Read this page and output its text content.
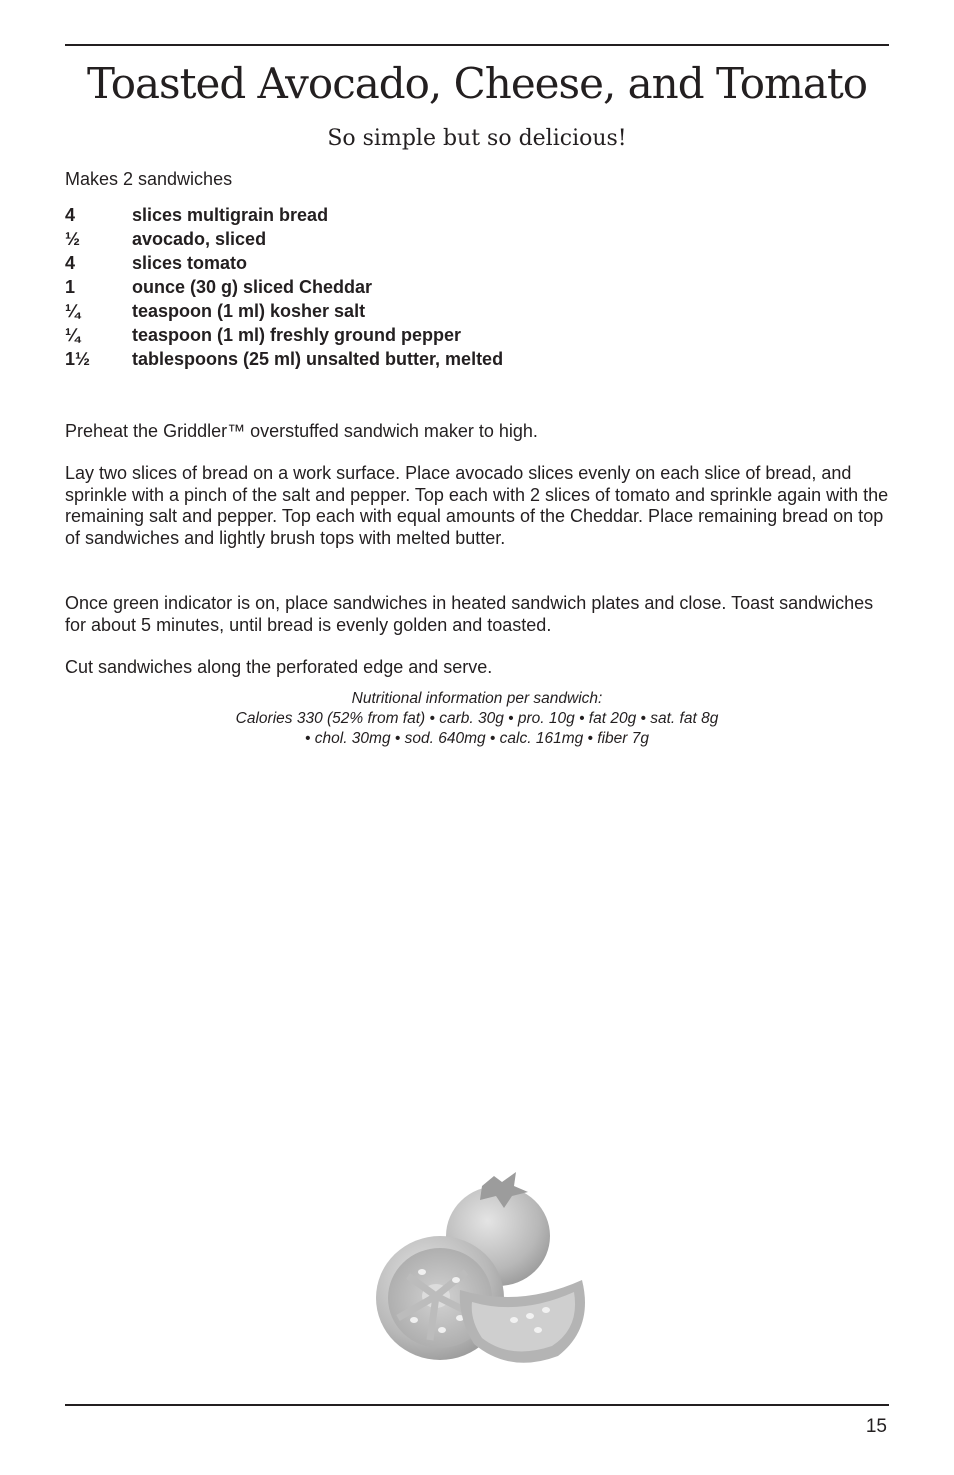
Toasted Avocado, Cheese, and Tomato

So simple but so delicious!

Makes 2 sandwiches

4	slices multigrain bread
½	avocado, sliced
4	slices tomato
1	ounce (30 g) sliced Cheddar
¼	teaspoon (1 ml) kosher salt
¼	teaspoon (1 ml) freshly ground pepper
1½	tablespoons (25 ml) unsalted butter, melted

Preheat the Griddler™ overstuffed sandwich maker to high.

Lay two slices of bread on a work surface. Place avocado slices evenly on each slice of bread, and sprinkle with a pinch of the salt and pepper. Top each with 2 slices of tomato and sprinkle again with the remaining salt and pepper. Top each with equal amounts of the Cheddar. Place remaining bread on top of sandwiches and lightly brush tops with melted butter.

Once green indicator is on, place sandwiches in heated sandwich plates and close. Toast sandwiches for about 5 minutes, until bread is evenly golden and toasted.

Cut sandwiches along the perforated edge and serve.

Nutritional information per sandwich:

Calories 330 (52% from fat) • carb. 30g • pro. 10g • fat 20g • sat. fat 8g

• chol. 30mg • sod. 640mg • calc. 161mg • fiber 7g

15
